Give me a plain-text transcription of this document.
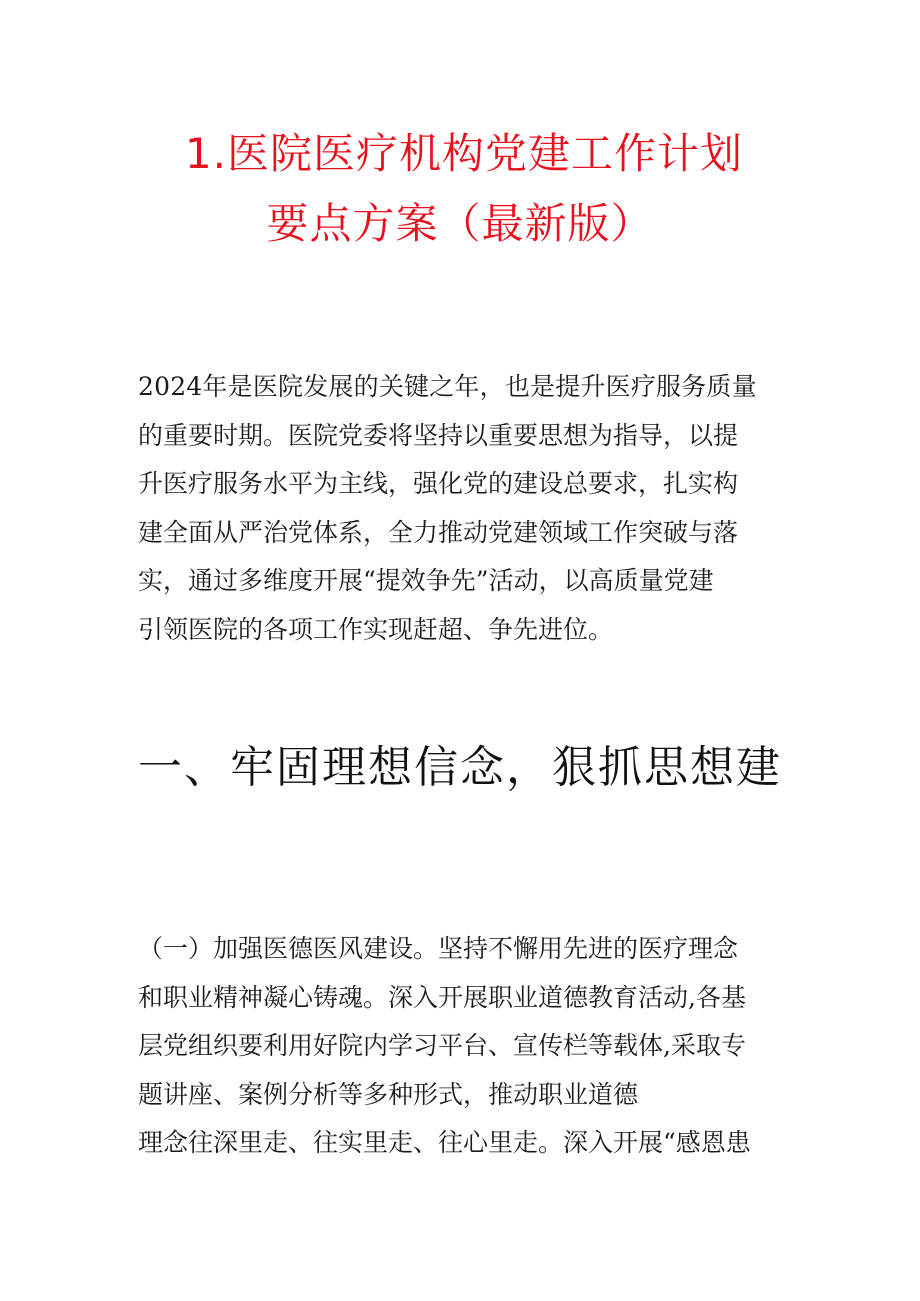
1.医院医疗机构党建工作计划
要点方案（最新版）
2024年是医院发展的关键之年，也是提升医疗服务质量
的重要时期。医院党委将坚持以重要思想为指导，以提
升医疗服务水平为主线，强化党的建设总要求，扎实构
建全面从严治党体系，全力推动党建领域工作突破与落
实，通过多维度开展“提效争先”活动，以高质量党建
引领医院的各项工作实现赶超、争先进位。
一、牢固理想信念，狠抓思想建
（一）加强医德医风建设。坚持不懈用先进的医疗理念
和职业精神凝心铸魂。深入开展职业道德教育活动,各基
层党组织要利用好院内学习平台、宣传栏等载体,采取专
题讲座、案例分析等多种形式，推动职业道德
理念往深里走、往实里走、往心里走。深入开展“感恩患
